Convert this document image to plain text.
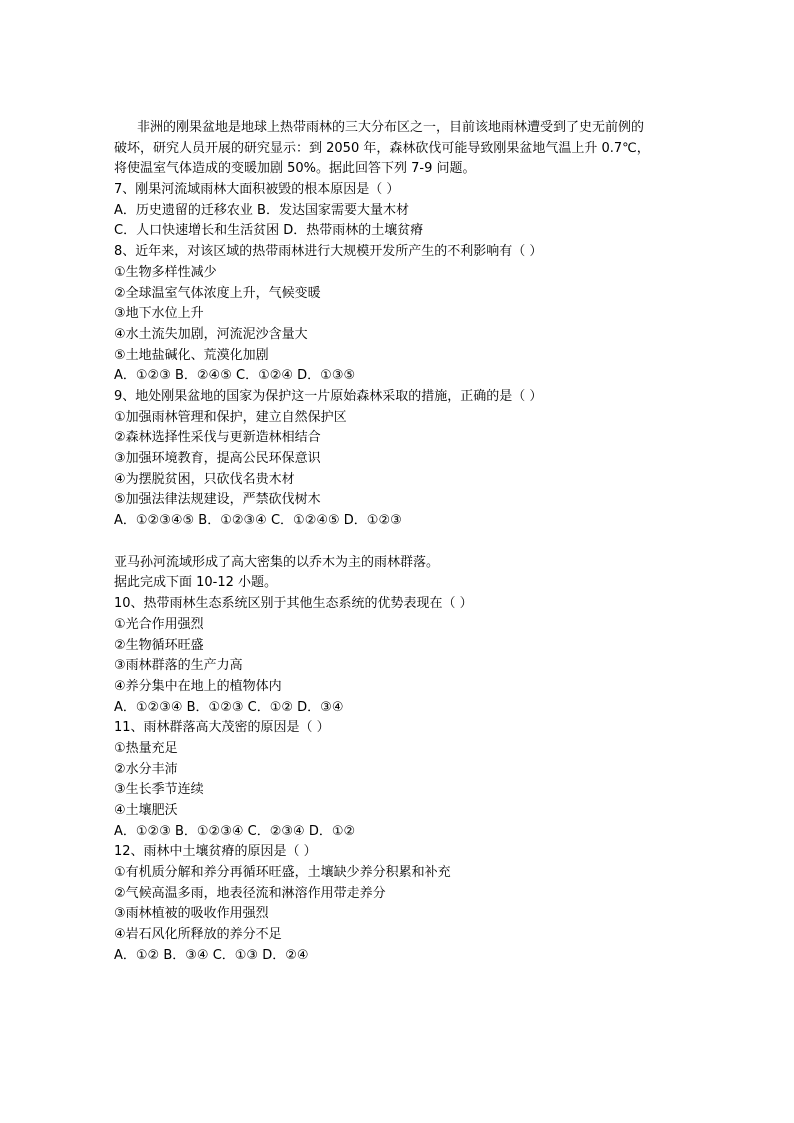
非洲的刚果盆地是地球上热带雨林的三大分布区之一，目前该地雨林遭受到了史无前例的
破坏，研究人员开展的研究显示：到 2050 年，森林砍伐可能导致刚果盆地气温上升 0.7℃，
将使温室气体造成的变暖加剧 50%。据此回答下列 7-9 问题。
7、刚果河流域雨林大面积被毁的根本原因是（ ）
A．历史遗留的迁移农业 B．发达国家需要大量木材
C．人口快速增长和生活贫困 D．热带雨林的土壤贫瘠
8、近年来，对该区域的热带雨林进行大规模开发所产生的不利影响有（ ）
①生物多样性减少
②全球温室气体浓度上升，气候变暖
③地下水位上升
④水土流失加剧，河流泥沙含量大
⑤土地盐碱化、荒漠化加剧
A．①②③ B．②④⑤ C．①②④ D．①③⑤
9、地处刚果盆地的国家为保护这一片原始森林采取的措施，正确的是（ ）
①加强雨林管理和保护，建立自然保护区
②森林选择性采伐与更新造林相结合
③加强环境教育，提高公民环保意识
④为摆脱贫困，只砍伐名贵木材
⑤加强法律法规建设，严禁砍伐树木
A．①②③④⑤ B．①②③④ C．①②④⑤ D．①②③
亚马孙河流域形成了高大密集的以乔木为主的雨林群落。
据此完成下面 10-12 小题。
10、热带雨林生态系统区别于其他生态系统的优势表现在（ ）
①光合作用强烈
②生物循环旺盛
③雨林群落的生产力高
④养分集中在地上的植物体内
A．①②③④ B．①②③ C．①② D．③④
11、雨林群落高大茂密的原因是（ ）
①热量充足
②水分丰沛
③生长季节连续
④土壤肥沃
A．①②③ B．①②③④ C．②③④ D．①②
12、雨林中土壤贫瘠的原因是（ ）
①有机质分解和养分再循环旺盛，土壤缺少养分积累和补充
②气候高温多雨，地表径流和淋溶作用带走养分
③雨林植被的吸收作用强烈
④岩石风化所释放的养分不足
A．①② B．③④ C．①③ D．②④
